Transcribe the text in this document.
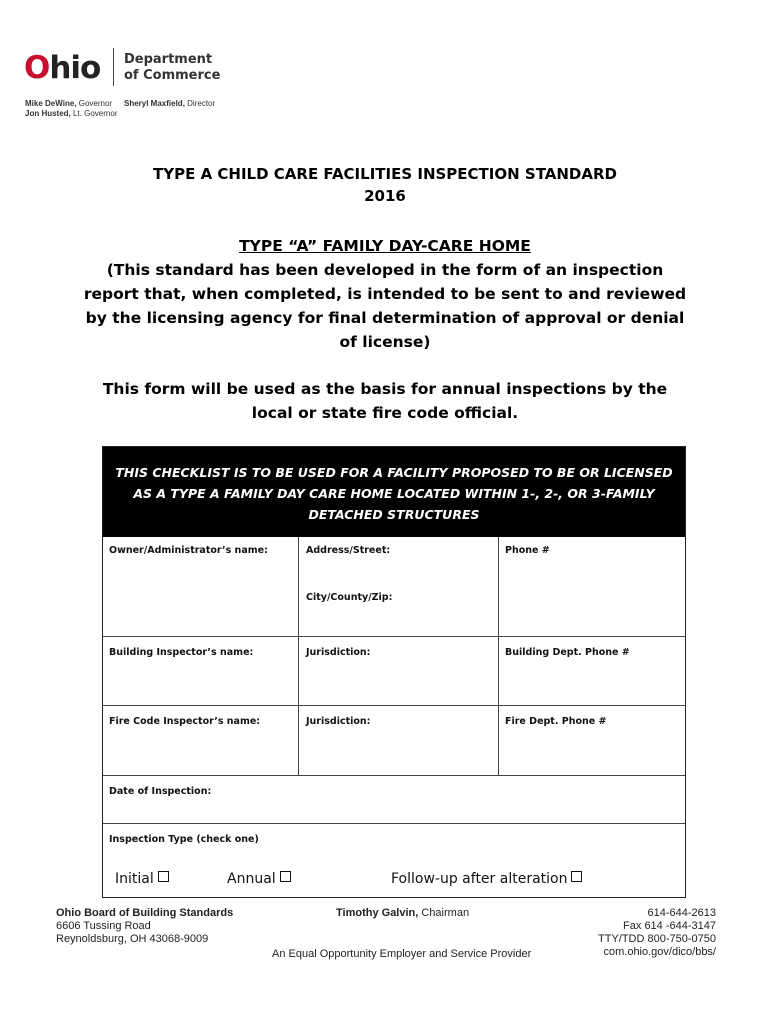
Ohio Department
of Commerce
Mike DeWine, Governor
Jon Husted, Lt. Governor
Sheryl Maxfield, Director
TYPE A CHILD CARE FACILITIES INSPECTION STANDARD
2016
TYPE “A” FAMILY DAY-CARE HOME
(This standard has been developed in the form of an inspection
report that, when completed, is intended to be sent to and reviewed
by the licensing agency for final determination of approval or denial
of license)
This form will be used as the basis for annual inspections by the
local or state fire code official.
THIS CHECKLIST IS TO BE USED FOR A FACILITY PROPOSED TO BE OR LICENSED
AS A TYPE A FAMILY DAY CARE HOME LOCATED WITHIN 1-, 2-, OR 3-FAMILY
DETACHED STRUCTURES
Owner/Administrator’s name:	Address/Street:	Phone #
City/County/Zip:
Building Inspector’s name:	Jurisdiction:	Building Dept. Phone #
Fire Code Inspector’s name:	Jurisdiction:	Fire Dept. Phone #
Date of Inspection:
Inspection Type (check one)
Initial	Annual	Follow-up after alteration
Ohio Board of Building Standards
6606 Tussing Road
Reynoldsburg, OH 43068-9009
Timothy Galvin, Chairman
An Equal Opportunity Employer and Service Provider
614-644-2613
Fax 614 -644-3147
TTY/TDD 800-750-0750
com.ohio.gov/dico/bbs/
